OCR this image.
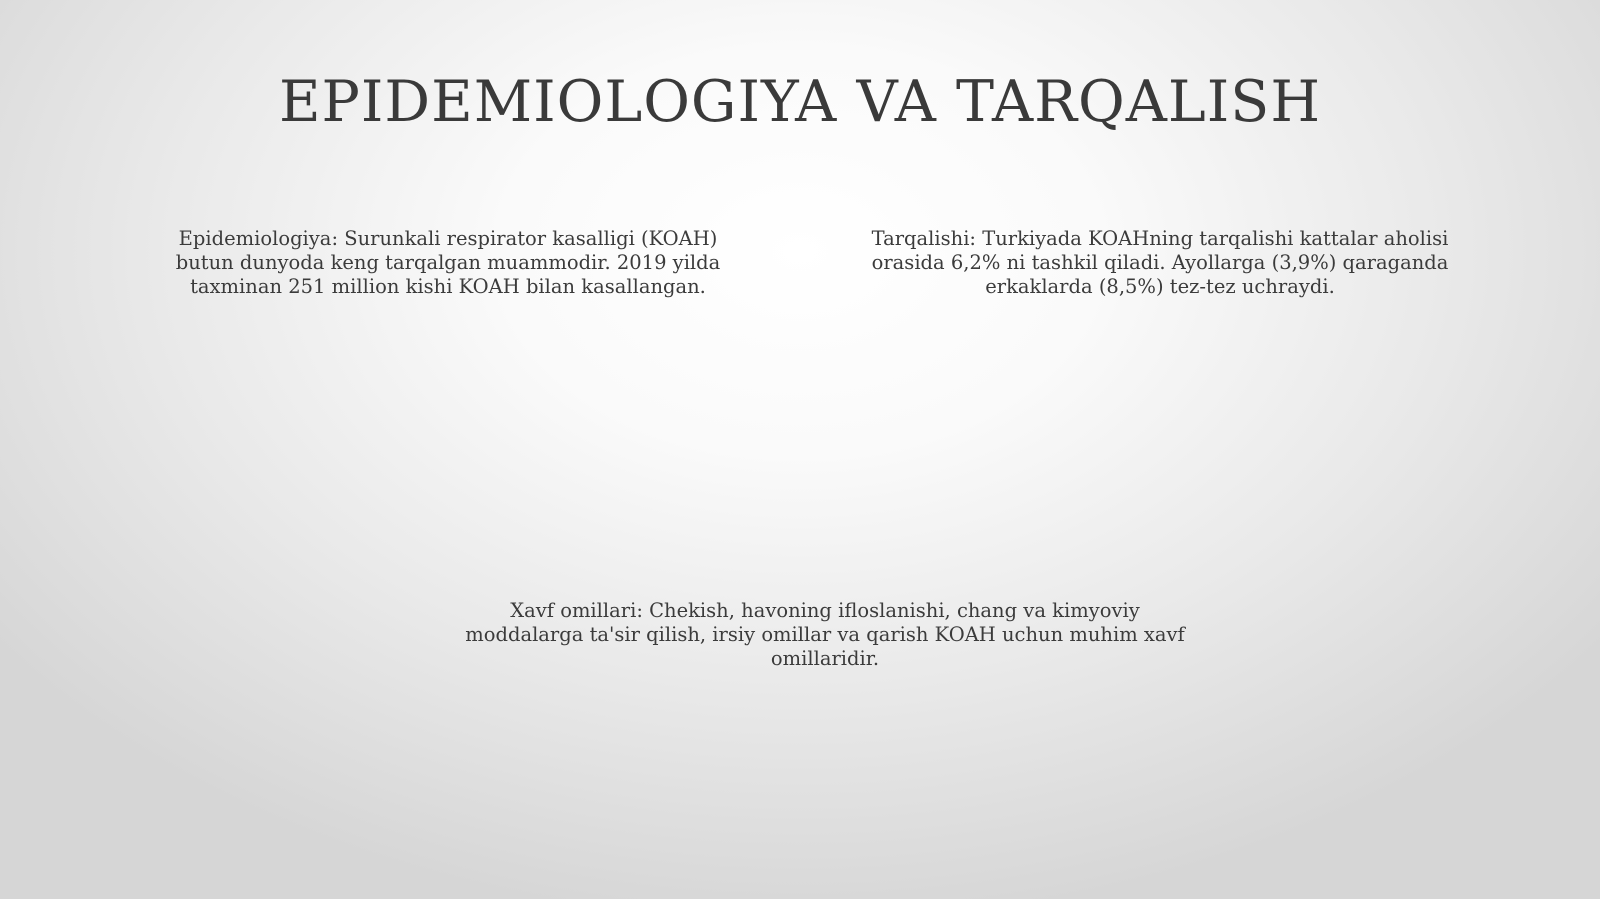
EPIDEMIOLOGIYA VA TARQALISH

Epidemiologiya: Surunkali respirator kasalligi (KOAH) butun dunyoda keng tarqalgan muammodir. 2019 yilda taxminan 251 million kishi KOAH bilan kasallangan.

Tarqalishi: Turkiyada KOAHning tarqalishi kattalar aholisi orasida 6,2% ni tashkil qiladi. Ayollarga (3,9%) qaraganda erkaklarda (8,5%) tez-tez uchraydi.

Xavf omillari: Chekish, havoning ifloslanishi, chang va kimyoviy moddalarga ta'sir qilish, irsiy omillar va qarish KOAH uchun muhim xavf omillaridir.
